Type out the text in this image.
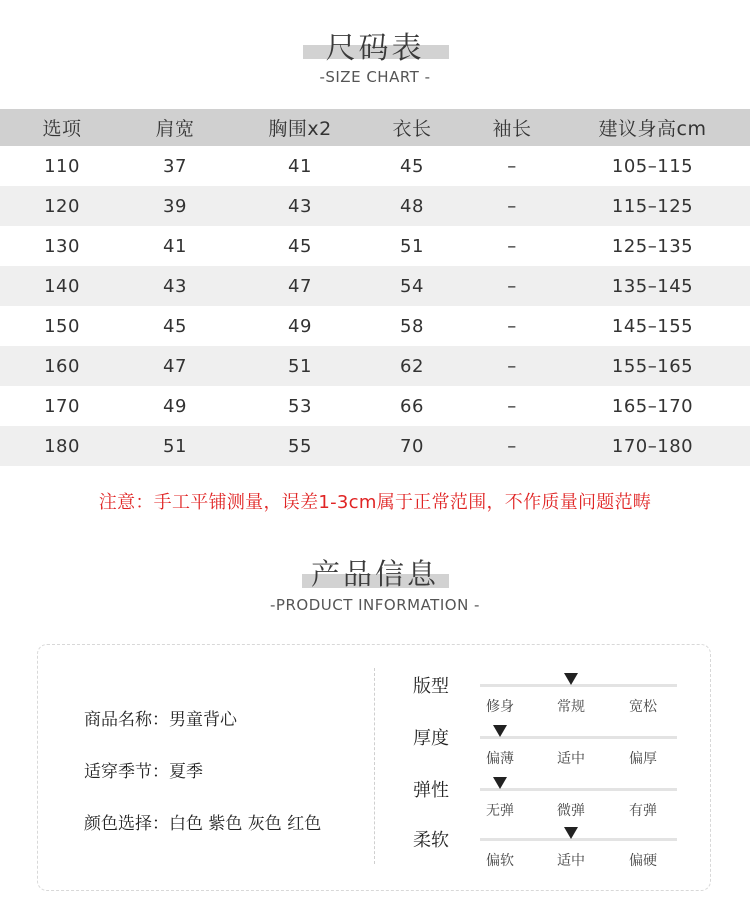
尺码表
-SIZE CHART -
选项	肩宽	胸围x2	衣长	袖长	建议身高cm
110	37	41	45	–	105–115
120	39	43	48	–	115–125
130	41	45	51	–	125–135
140	43	47	54	–	135–145
150	45	49	58	–	145–155
160	47	51	62	–	155–165
170	49	53	66	–	165–170
180	51	55	70	–	170–180
注意：手工平铺测量，误差1-3cm属于正常范围，不作质量问题范畴
产品信息
-PRODUCT INFORMATION -
商品名称：男童背心
适穿季节：夏季
颜色选择：白色 紫色 灰色 红色
版型
修身	常规	宽松
厚度
偏薄	适中	偏厚
弹性
无弹	微弹	有弹
柔软
偏软	适中	偏硬
